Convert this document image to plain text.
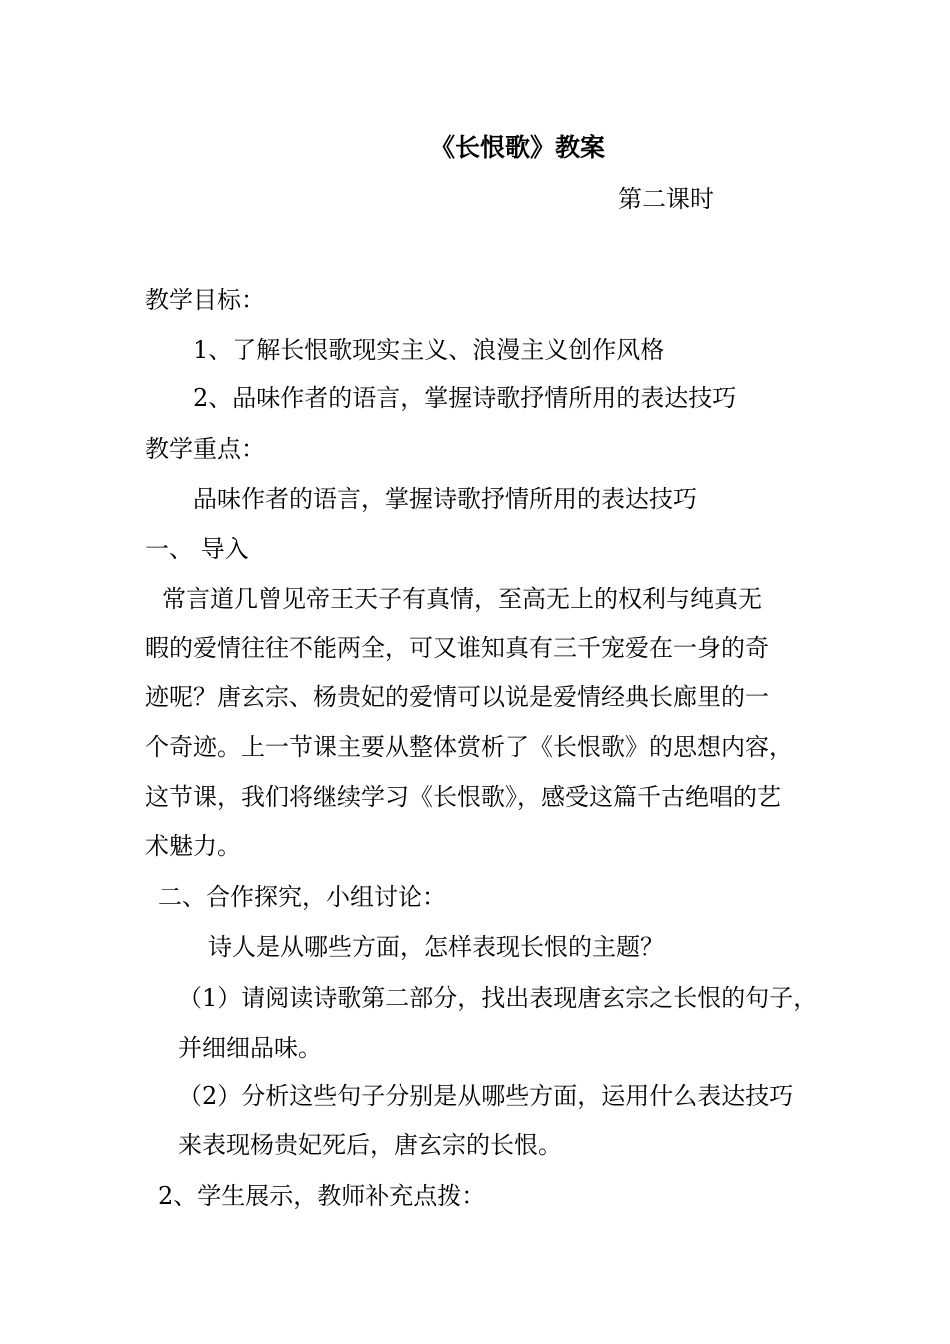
《长恨歌》教案
第二课时
教学目标：
1、了解长恨歌现实主义、浪漫主义创作风格
2、品味作者的语言，掌握诗歌抒情所用的表达技巧
教学重点：
品味作者的语言，掌握诗歌抒情所用的表达技巧
一、 导入
常言道几曾见帝王天子有真情，至高无上的权利与纯真无
暇的爱情往往不能两全，可又谁知真有三千宠爱在一身的奇
迹呢？唐玄宗、杨贵妃的爱情可以说是爱情经典长廊里的一
个奇迹。上一节课主要从整体赏析了《长恨歌》的思想内容，
这节课，我们将继续学习《长恨歌》，感受这篇千古绝唱的艺
术魅力。
二、合作探究，小组讨论：
诗人是从哪些方面，怎样表现长恨的主题？
（1）请阅读诗歌第二部分，找出表现唐玄宗之长恨的句子，
并细细品味。
（2）分析这些句子分别是从哪些方面，运用什么表达技巧
来表现杨贵妃死后，唐玄宗的长恨。
2、学生展示，教师补充点拨：
